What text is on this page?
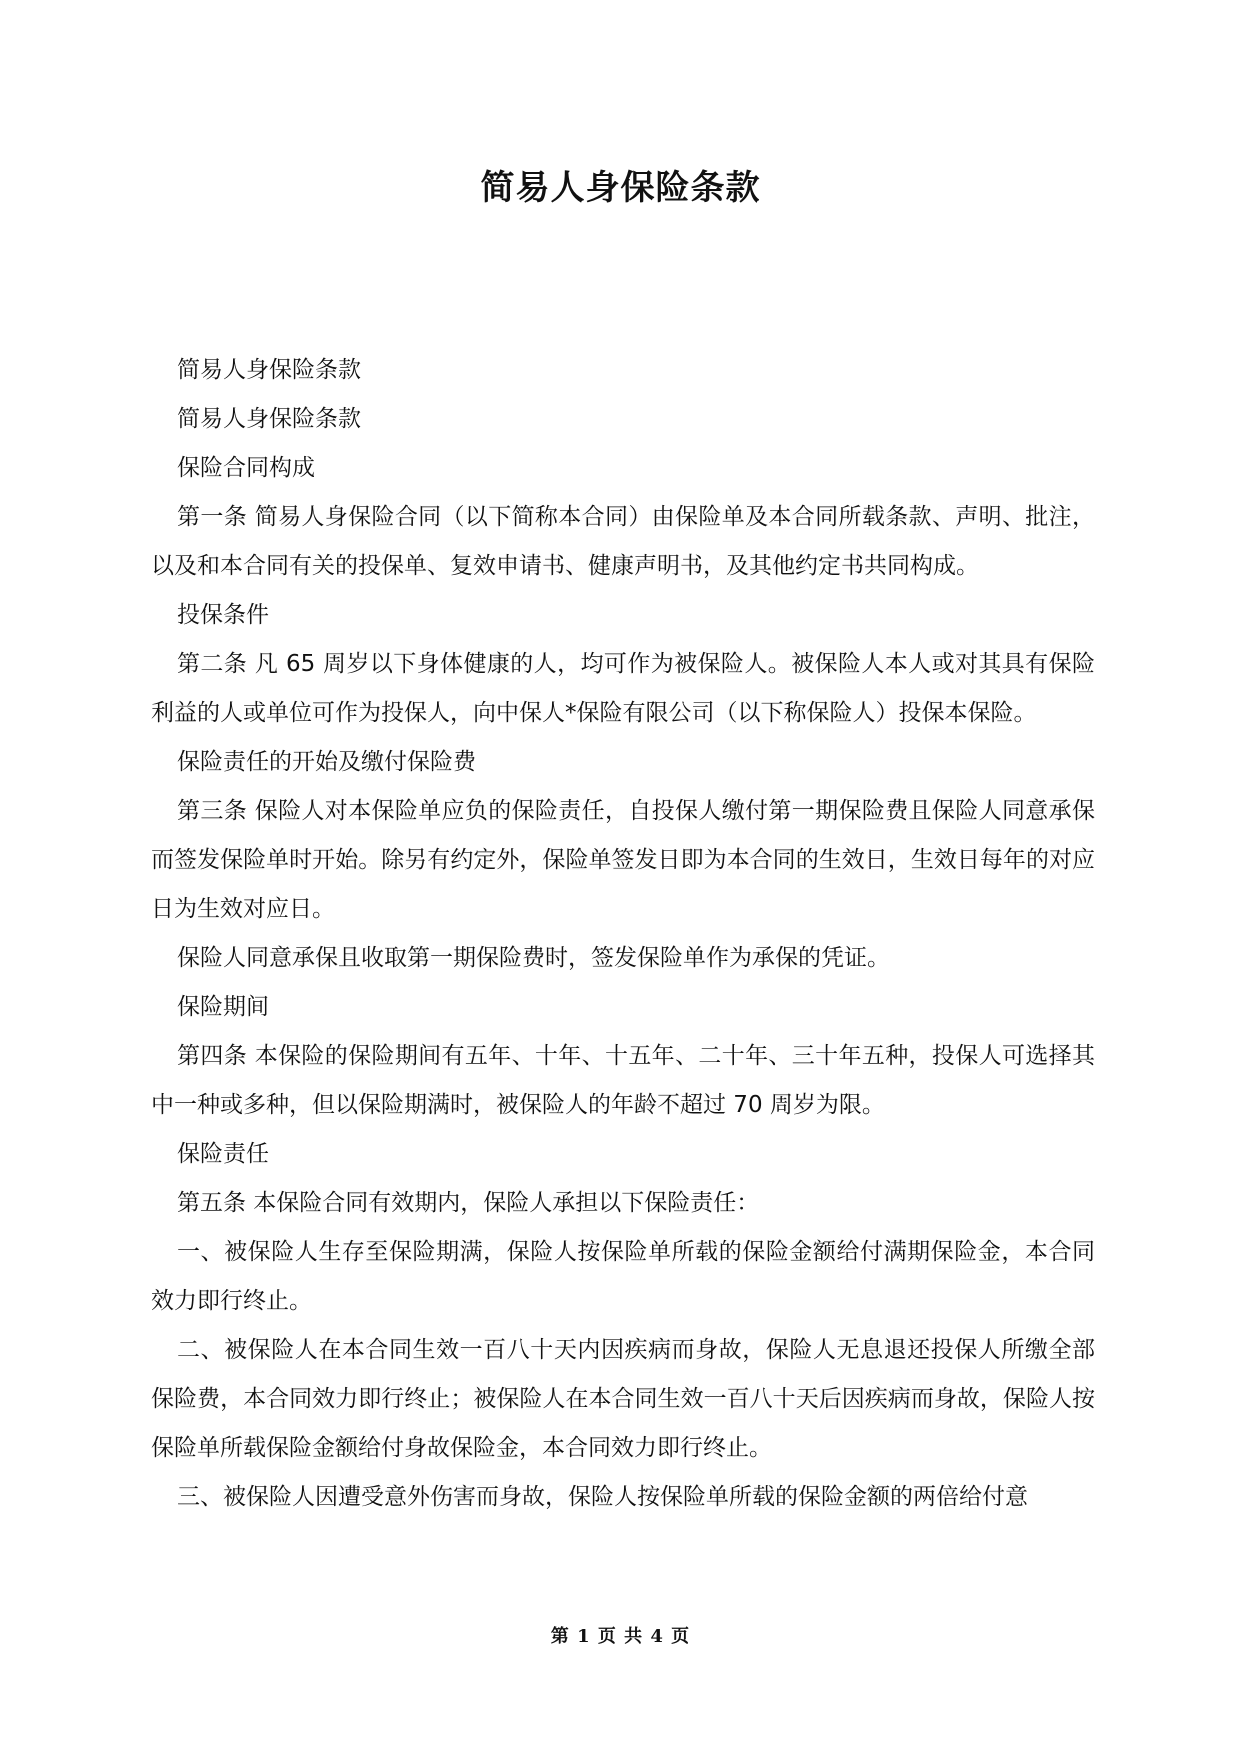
简易人身保险条款

简易人身保险条款

简易人身保险条款

保险合同构成

第一条 简易人身保险合同（以下简称本合同）由保险单及本合同所载条款、声明、批注，以及和本合同有关的投保单、复效申请书、健康声明书，及其他约定书共同构成。

投保条件

第二条 凡 65 周岁以下身体健康的人，均可作为被保险人。被保险人本人或对其具有保险利益的人或单位可作为投保人，向中保人*保险有限公司（以下称保险人）投保本保险。

保险责任的开始及缴付保险费

第三条 保险人对本保险单应负的保险责任，自投保人缴付第一期保险费且保险人同意承保而签发保险单时开始。除另有约定外，保险单签发日即为本合同的生效日，生效日每年的对应日为生效对应日。

保险人同意承保且收取第一期保险费时，签发保险单作为承保的凭证。

保险期间

第四条 本保险的保险期间有五年、十年、十五年、二十年、三十年五种，投保人可选择其中一种或多种，但以保险期满时，被保险人的年龄不超过 70 周岁为限。

保险责任

第五条 本保险合同有效期内，保险人承担以下保险责任：

一、被保险人生存至保险期满，保险人按保险单所载的保险金额给付满期保险金，本合同效力即行终止。

二、被保险人在本合同生效一百八十天内因疾病而身故，保险人无息退还投保人所缴全部保险费，本合同效力即行终止；被保险人在本合同生效一百八十天后因疾病而身故，保险人按保险单所载保险金额给付身故保险金，本合同效力即行终止。

三、被保险人因遭受意外伤害而身故，保险人按保险单所载的保险金额的两倍给付意

第 1 页 共 4 页
